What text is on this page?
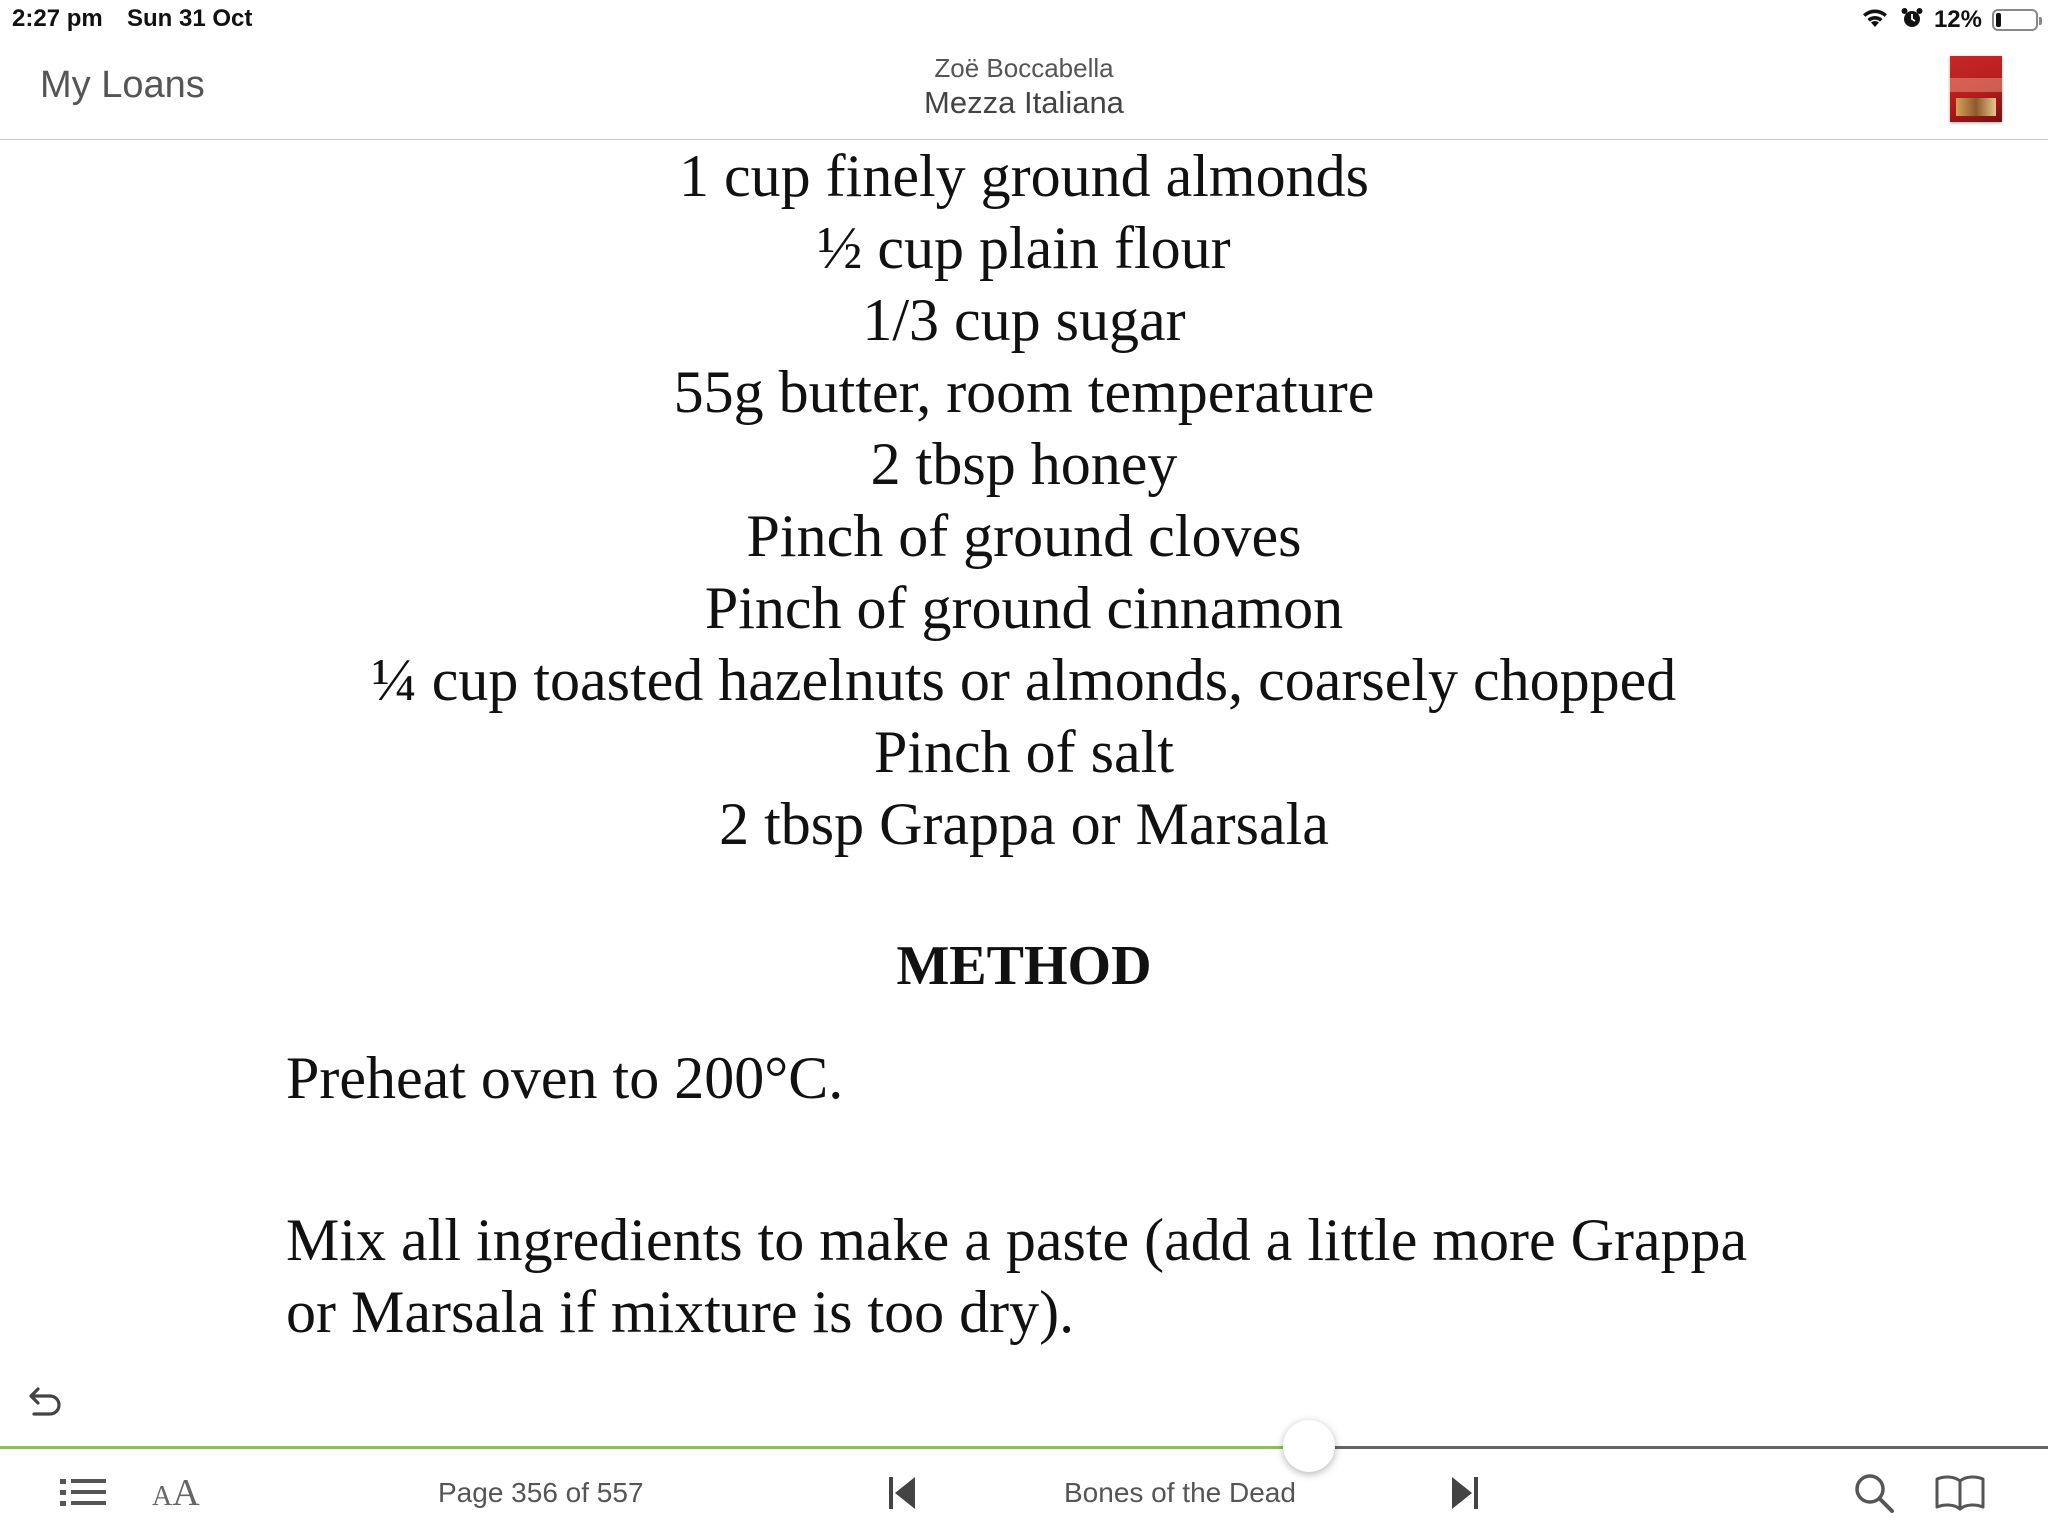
2:27 pm Sun 31 Oct	12%
My Loans	Zoë Boccabella
Mezza Italiana
1 cup finely ground almonds
½ cup plain flour
1/3 cup sugar
55g butter, room temperature
2 tbsp honey
Pinch of ground cloves
Pinch of ground cinnamon
¼ cup toasted hazelnuts or almonds, coarsely chopped
Pinch of salt
2 tbsp Grappa or Marsala
METHOD

Preheat oven to 200°C.

Mix all ingredients to make a paste (add a little more Grappa or Marsala if mixture is too dry).

AA	Page 356 of 557	Bones of the Dead
